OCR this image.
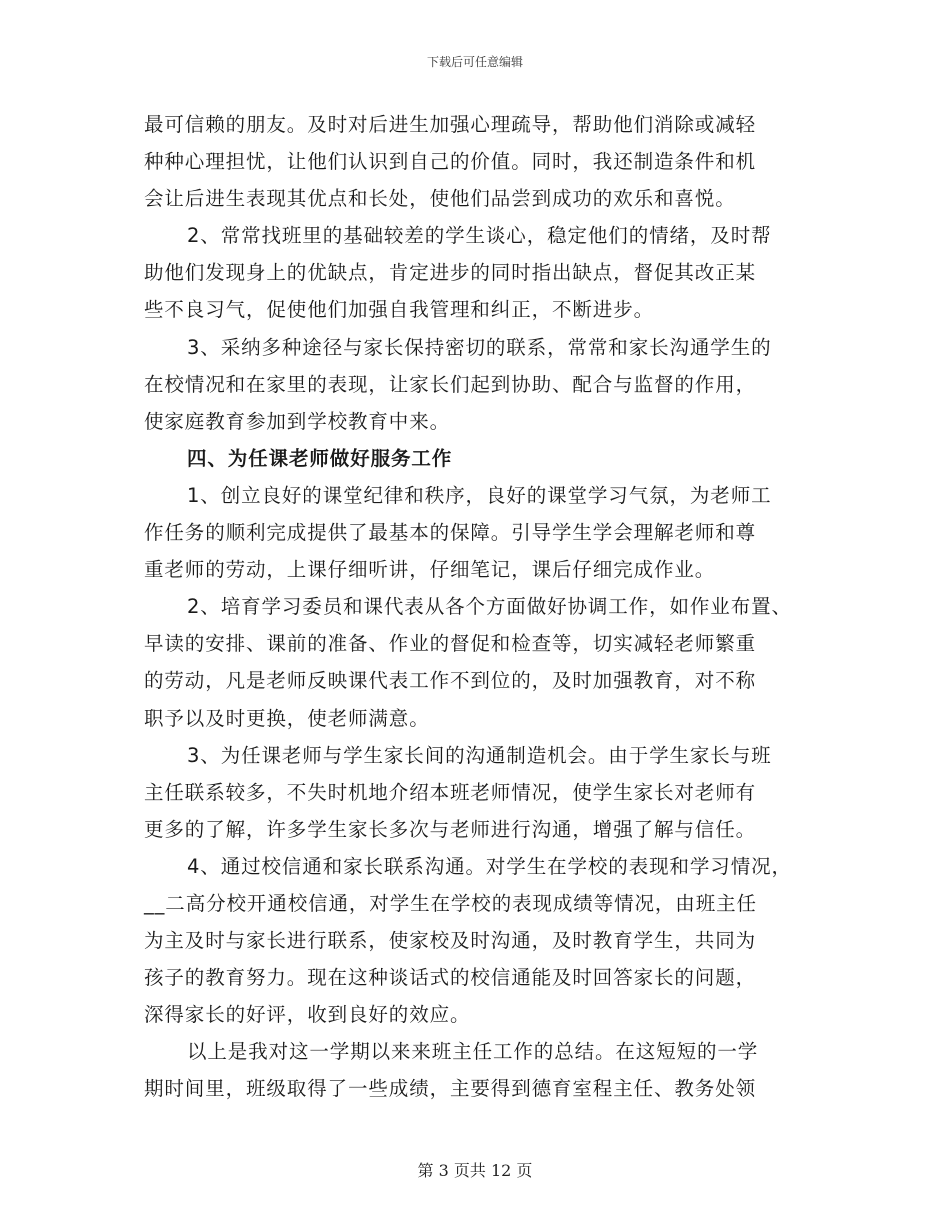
下载后可任意编辑
最可信赖的朋友。及时对后进生加强心理疏导，帮助他们消除或减轻
种种心理担忧，让他们认识到自己的价值。同时，我还制造条件和机
会让后进生表现其优点和长处，使他们品尝到成功的欢乐和喜悦。
2、常常找班里的基础较差的学生谈心，稳定他们的情绪，及时帮
助他们发现身上的优缺点，肯定进步的同时指出缺点，督促其改正某
些不良习气，促使他们加强自我管理和纠正，不断进步。
3、采纳多种途径与家长保持密切的联系，常常和家长沟通学生的
在校情况和在家里的表现，让家长们起到协助、配合与监督的作用，
使家庭教育参加到学校教育中来。
四、为任课老师做好服务工作
1、创立良好的课堂纪律和秩序，良好的课堂学习气氛，为老师工
作任务的顺利完成提供了最基本的保障。引导学生学会理解老师和尊
重老师的劳动，上课仔细听讲，仔细笔记，课后仔细完成作业。
2、培育学习委员和课代表从各个方面做好协调工作，如作业布置、
早读的安排、课前的准备、作业的督促和检查等，切实减轻老师繁重
的劳动，凡是老师反映课代表工作不到位的，及时加强教育，对不称
职予以及时更换，使老师满意。
3、为任课老师与学生家长间的沟通制造机会。由于学生家长与班
主任联系较多，不失时机地介绍本班老师情况，使学生家长对老师有
更多的了解，许多学生家长多次与老师进行沟通，增强了解与信任。
4、通过校信通和家长联系沟通。对学生在学校的表现和学习情况，
__二高分校开通校信通，对学生在学校的表现成绩等情况，由班主任
为主及时与家长进行联系，使家校及时沟通，及时教育学生，共同为
孩子的教育努力。现在这种谈话式的校信通能及时回答家长的问题，
深得家长的好评，收到良好的效应。
以上是我对这一学期以来来班主任工作的总结。在这短短的一学
期时间里，班级取得了一些成绩，主要得到德育室程主任、教务处领
第 3 页共 12 页
